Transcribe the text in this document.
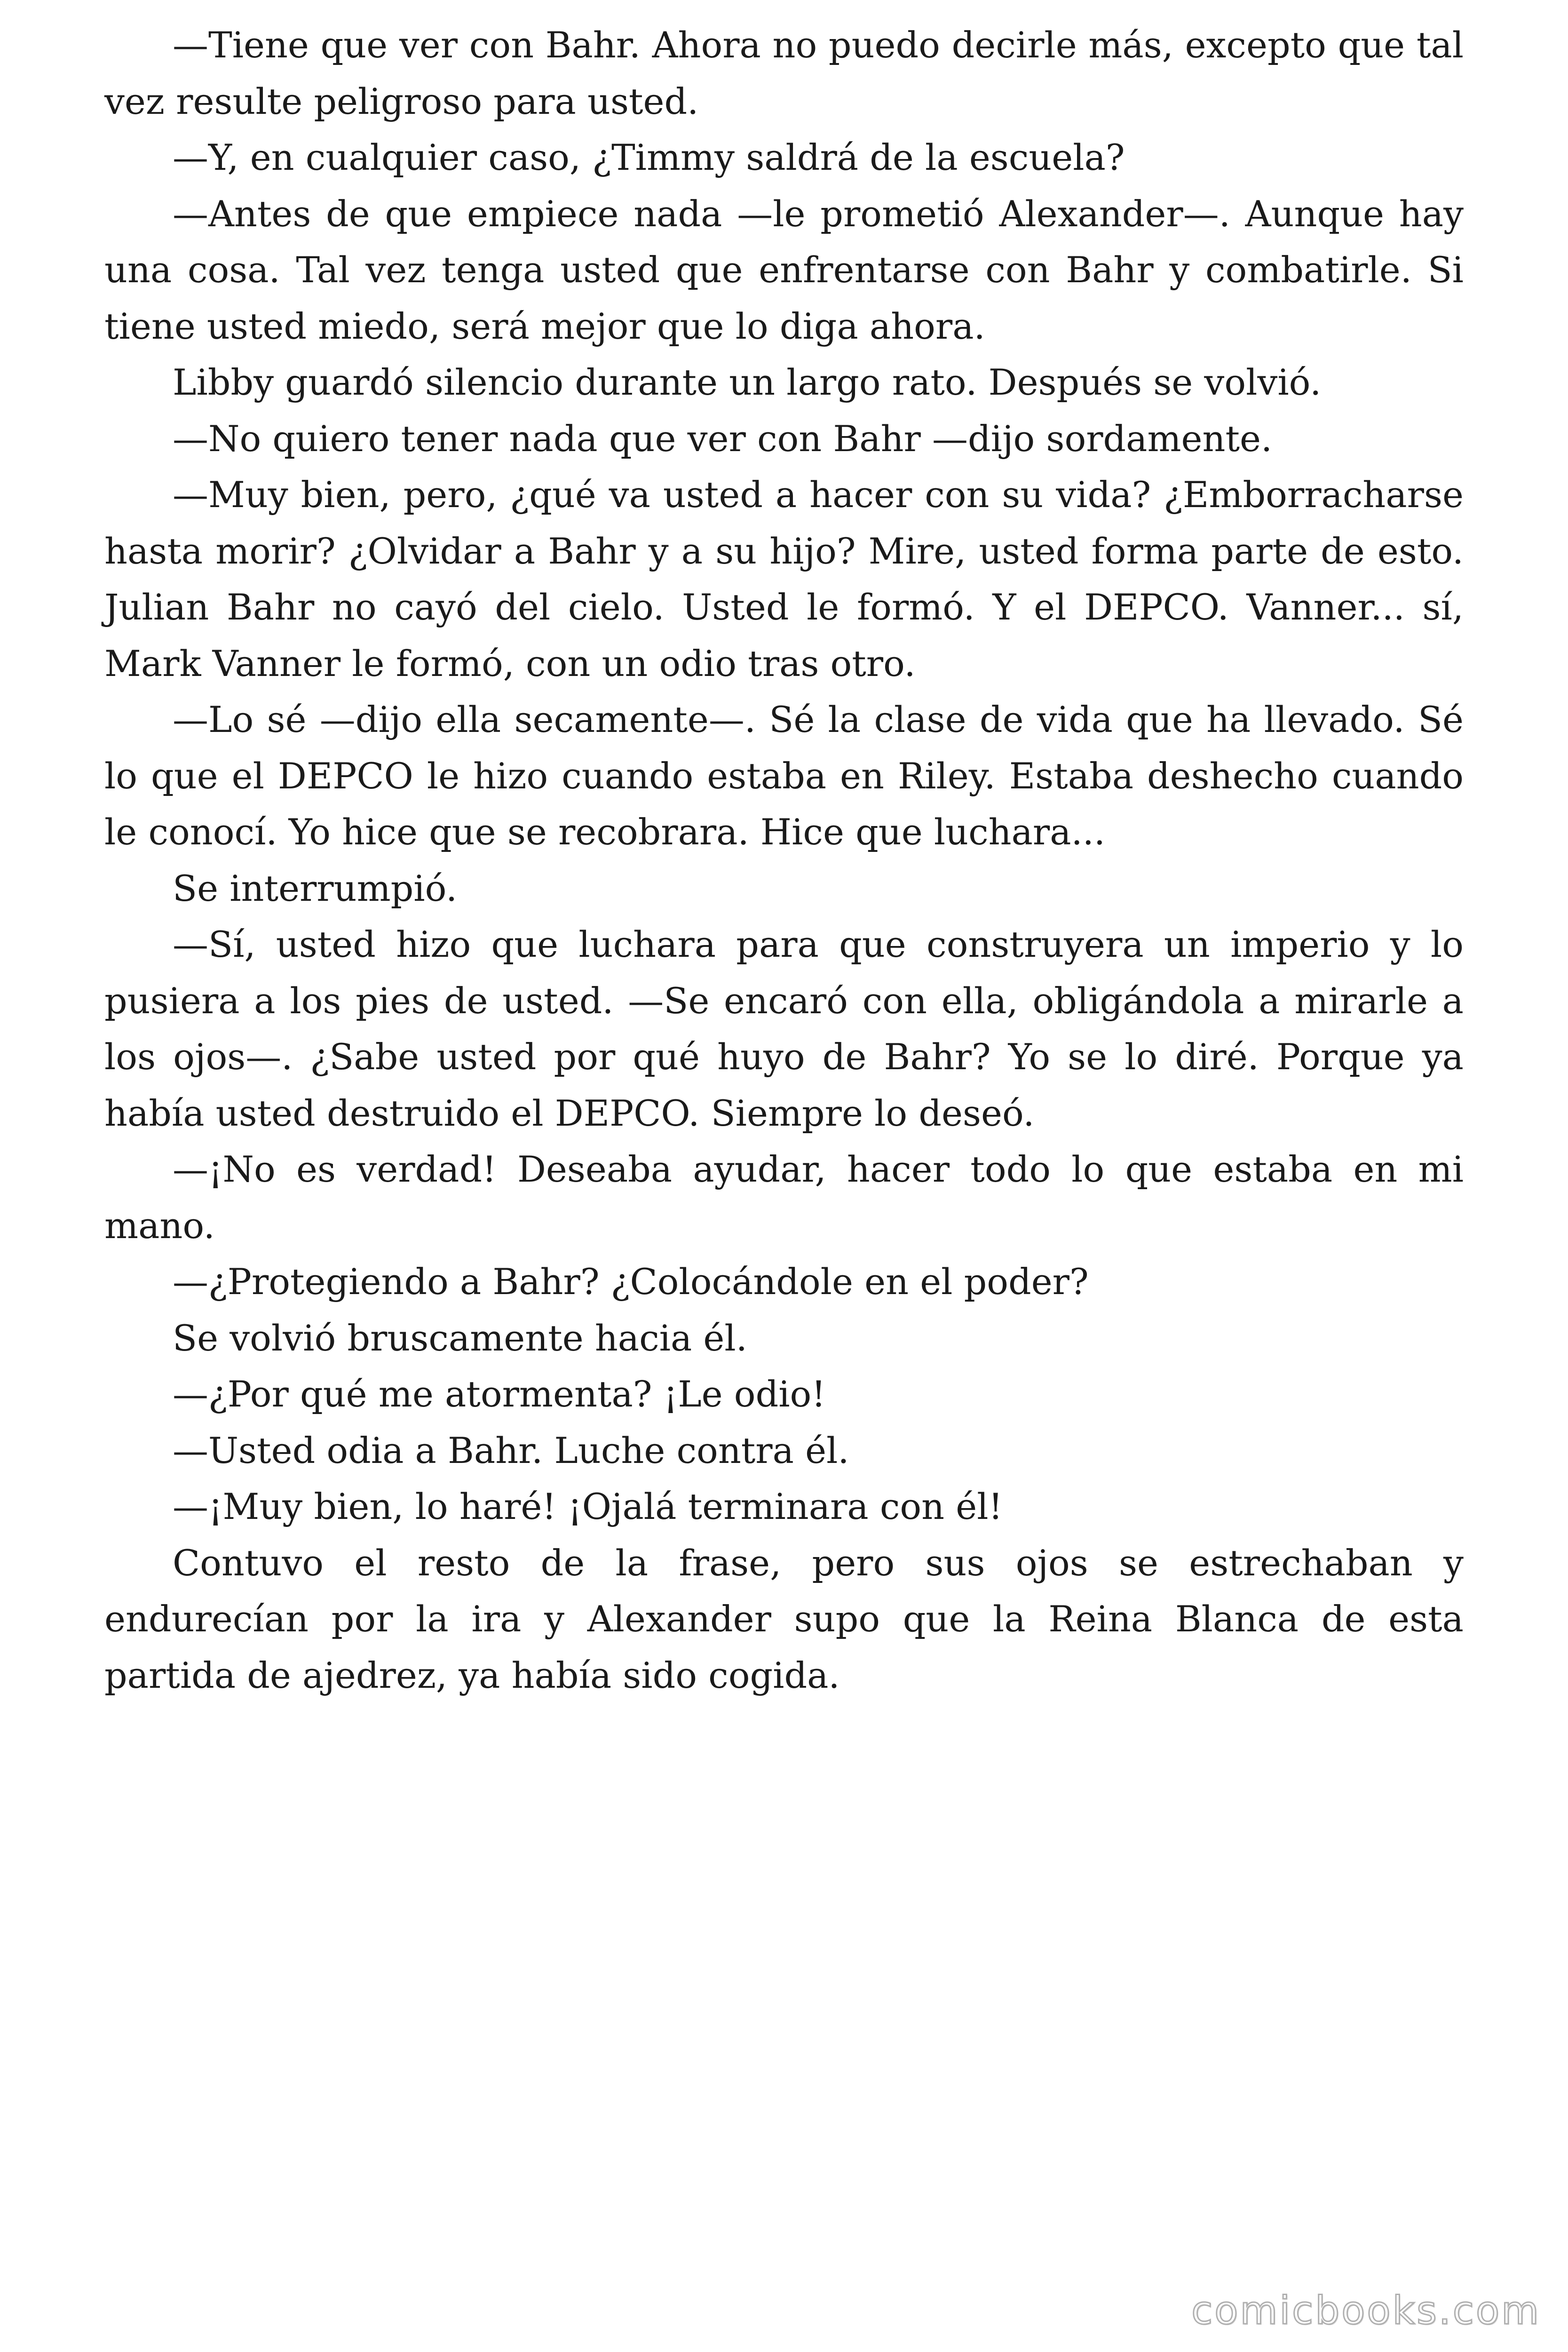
—Tiene que ver con Bahr. Ahora no puedo decirle más, excepto que tal vez resulte peligroso para usted.

—Y, en cualquier caso, ¿Timmy saldrá de la escuela?

—Antes de que empiece nada —le prometió Alexander—. Aunque hay una cosa. Tal vez tenga usted que enfrentarse con Bahr y combatirle. Si tiene usted miedo, será mejor que lo diga ahora.

Libby guardó silencio durante un largo rato. Después se volvió.

—No quiero tener nada que ver con Bahr —dijo sordamente.

—Muy bien, pero, ¿qué va usted a hacer con su vida? ¿Emborracharse hasta morir? ¿Olvidar a Bahr y a su hijo? Mire, usted forma parte de esto. Julian Bahr no cayó del cielo. Usted le formó. Y el DEPCO. Vanner... sí, Mark Vanner le formó, con un odio tras otro.

—Lo sé —dijo ella secamente—. Sé la clase de vida que ha llevado. Sé lo que el DEPCO le hizo cuando estaba en Riley. Estaba deshecho cuando le conocí. Yo hice que se recobrara. Hice que luchara...

Se interrumpió.

—Sí, usted hizo que luchara para que construyera un imperio y lo pusiera a los pies de usted. —Se encaró con ella, obligándola a mirarle a los ojos—. ¿Sabe usted por qué huyo de Bahr? Yo se lo diré. Porque ya había usted destruido el DEPCO. Siempre lo deseó.

—¡No es verdad! Deseaba ayudar, hacer todo lo que estaba en mi mano.

—¿Protegiendo a Bahr? ¿Colocándole en el poder?

Se volvió bruscamente hacia él.

—¿Por qué me atormenta? ¡Le odio!

—Usted odia a Bahr. Luche contra él.

—¡Muy bien, lo haré! ¡Ojalá terminara con él!

Contuvo el resto de la frase, pero sus ojos se estrechaban y endurecían por la ira y Alexander supo que la Reina Blanca de esta partida de ajedrez, ya había sido cogida.

comicbooks.com
